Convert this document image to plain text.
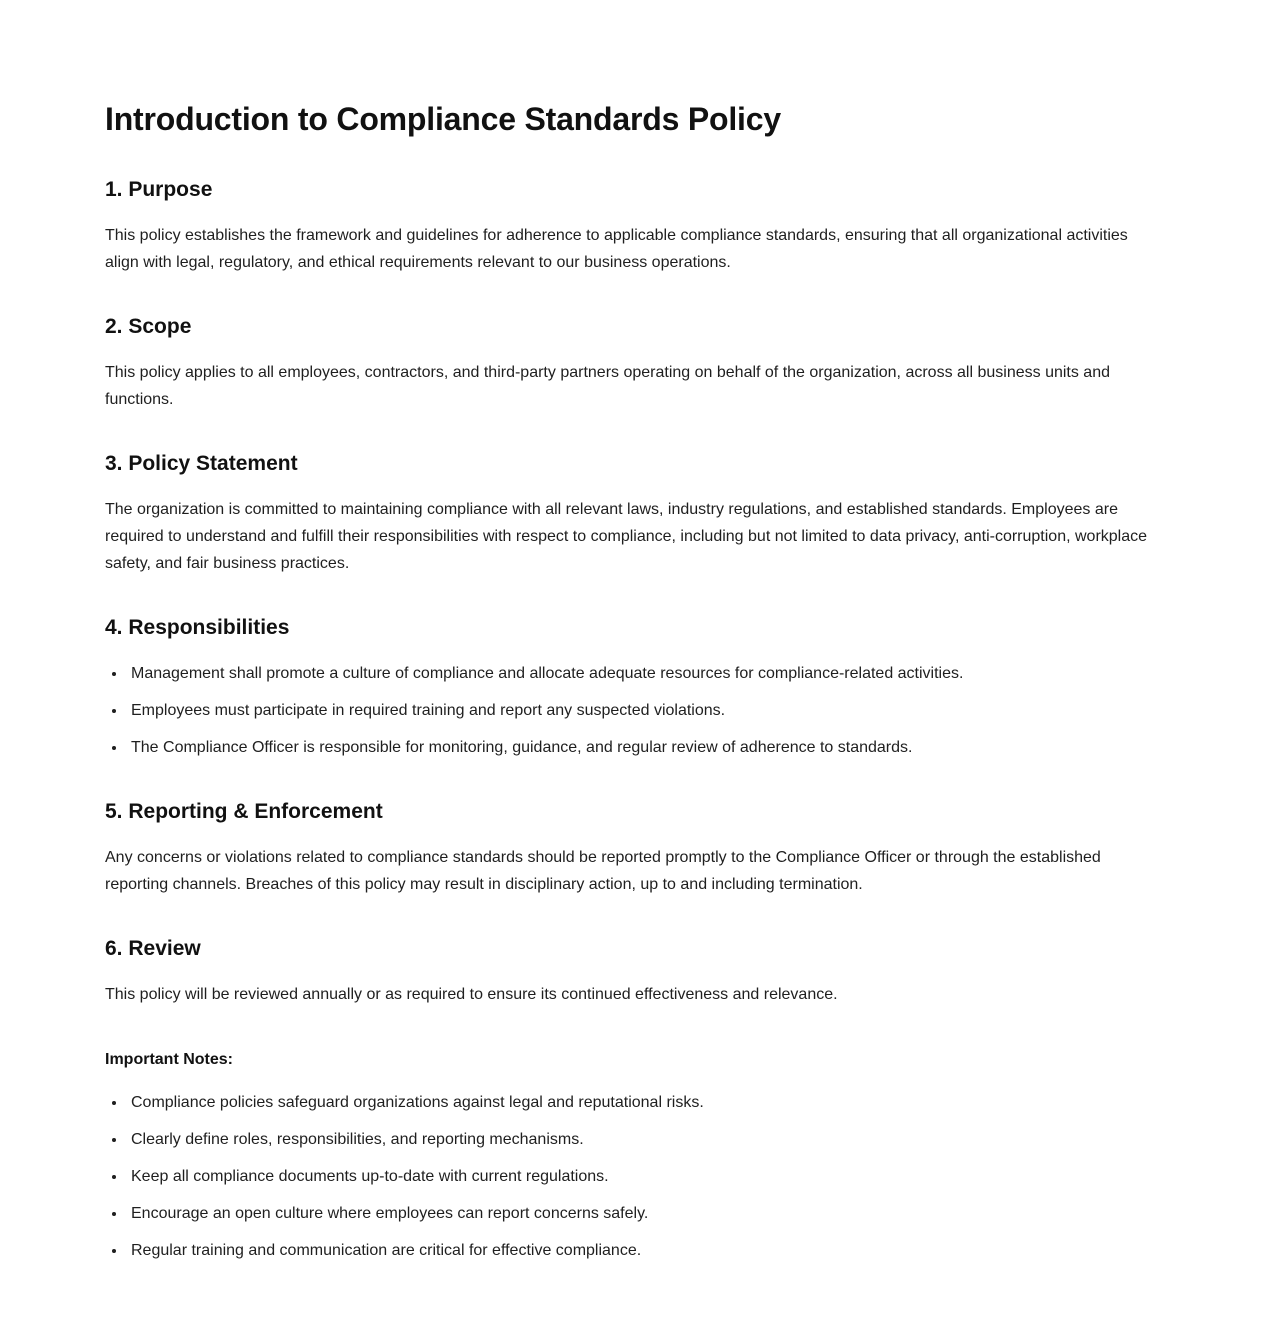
Introduction to Compliance Standards Policy
1. Purpose

This policy establishes the framework and guidelines for adherence to applicable compliance standards, ensuring that all organizational activities align with legal, regulatory, and ethical requirements relevant to our business operations.

2. Scope

This policy applies to all employees, contractors, and third-party partners operating on behalf of the organization, across all business units and functions.

3. Policy Statement

The organization is committed to maintaining compliance with all relevant laws, industry regulations, and established standards. Employees are required to understand and fulfill their responsibilities with respect to compliance, including but not limited to data privacy, anti-corruption, workplace safety, and fair business practices.

4. Responsibilities
• Management shall promote a culture of compliance and allocate adequate resources for compliance-related activities.
• Employees must participate in required training and report any suspected violations.
• The Compliance Officer is responsible for monitoring, guidance, and regular review of adherence to standards.
5. Reporting & Enforcement

Any concerns or violations related to compliance standards should be reported promptly to the Compliance Officer or through the established reporting channels. Breaches of this policy may result in disciplinary action, up to and including termination.

6. Review

This policy will be reviewed annually or as required to ensure its continued effectiveness and relevance.

Important Notes:

• Compliance policies safeguard organizations against legal and reputational risks.
• Clearly define roles, responsibilities, and reporting mechanisms.
• Keep all compliance documents up-to-date with current regulations.
• Encourage an open culture where employees can report concerns safely.
• Regular training and communication are critical for effective compliance.
